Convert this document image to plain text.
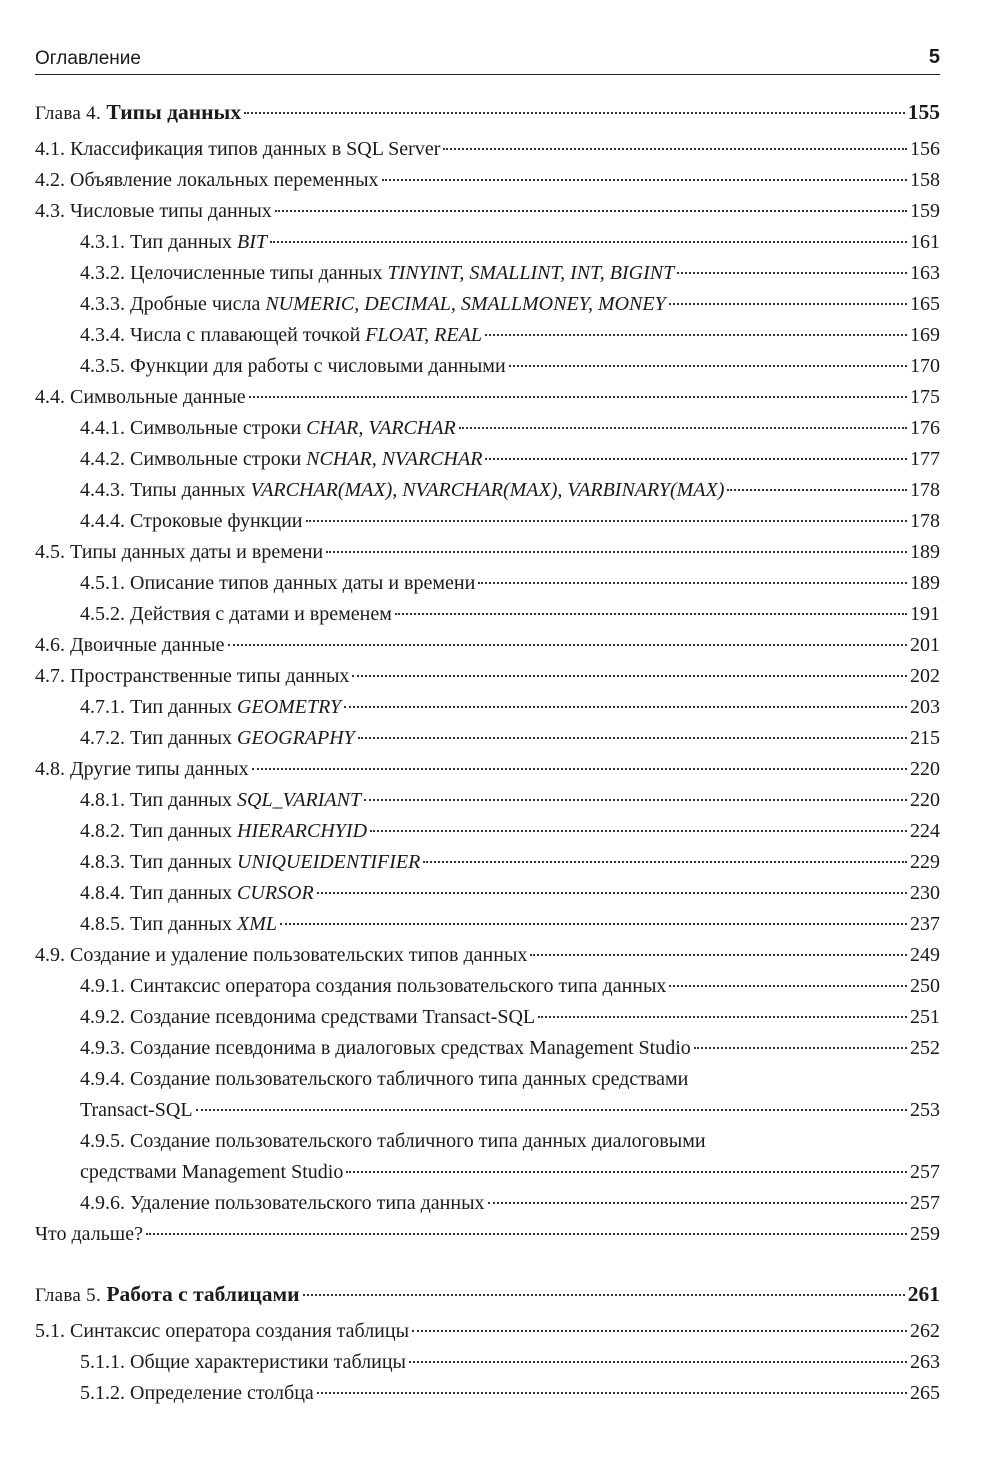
Оглавление	5
Глава 4. Типы данных	155
4.1. Классификация типов данных в SQL Server	156
4.2. Объявление локальных переменных	158
4.3. Числовые типы данных	159
4.3.1. Тип данных BIT	161
4.3.2. Целочисленные типы данных TINYINT, SMALLINT, INT, BIGINT	163
4.3.3. Дробные числа NUMERIC, DECIMAL, SMALLMONEY, MONEY	165
4.3.4. Числа с плавающей точкой FLOAT, REAL	169
4.3.5. Функции для работы с числовыми данными	170
4.4. Символьные данные	175
4.4.1. Символьные строки CHAR, VARCHAR	176
4.4.2. Символьные строки NCHAR, NVARCHAR	177
4.4.3. Типы данных VARCHAR(MAX), NVARCHAR(MAX), VARBINARY(MAX)	178
4.4.4. Строковые функции	178
4.5. Типы данных даты и времени	189
4.5.1. Описание типов данных даты и времени	189
4.5.2. Действия с датами и временем	191
4.6. Двоичные данные	201
4.7. Пространственные типы данных	202
4.7.1. Тип данных GEOMETRY	203
4.7.2. Тип данных GEOGRAPHY	215
4.8. Другие типы данных	220
4.8.1. Тип данных SQL_VARIANT	220
4.8.2. Тип данных HIERARCHYID	224
4.8.3. Тип данных UNIQUEIDENTIFIER	229
4.8.4. Тип данных CURSOR	230
4.8.5. Тип данных XML	237
4.9. Создание и удаление пользовательских типов данных	249
4.9.1. Синтаксис оператора создания пользовательского типа данных	250
4.9.2. Создание псевдонима средствами Transact-SQL	251
4.9.3. Создание псевдонима в диалоговых средствах Management Studio	252
4.9.4. Создание пользовательского табличного типа данных средствами
Transact-SQL	253
4.9.5. Создание пользовательского табличного типа данных диалоговыми
средствами Management Studio	257
4.9.6. Удаление пользовательского типа данных	257
Что дальше?	259
Глава 5. Работа с таблицами	261
5.1. Синтаксис оператора создания таблицы	262
5.1.1. Общие характеристики таблицы	263
5.1.2. Определение столбца	265
